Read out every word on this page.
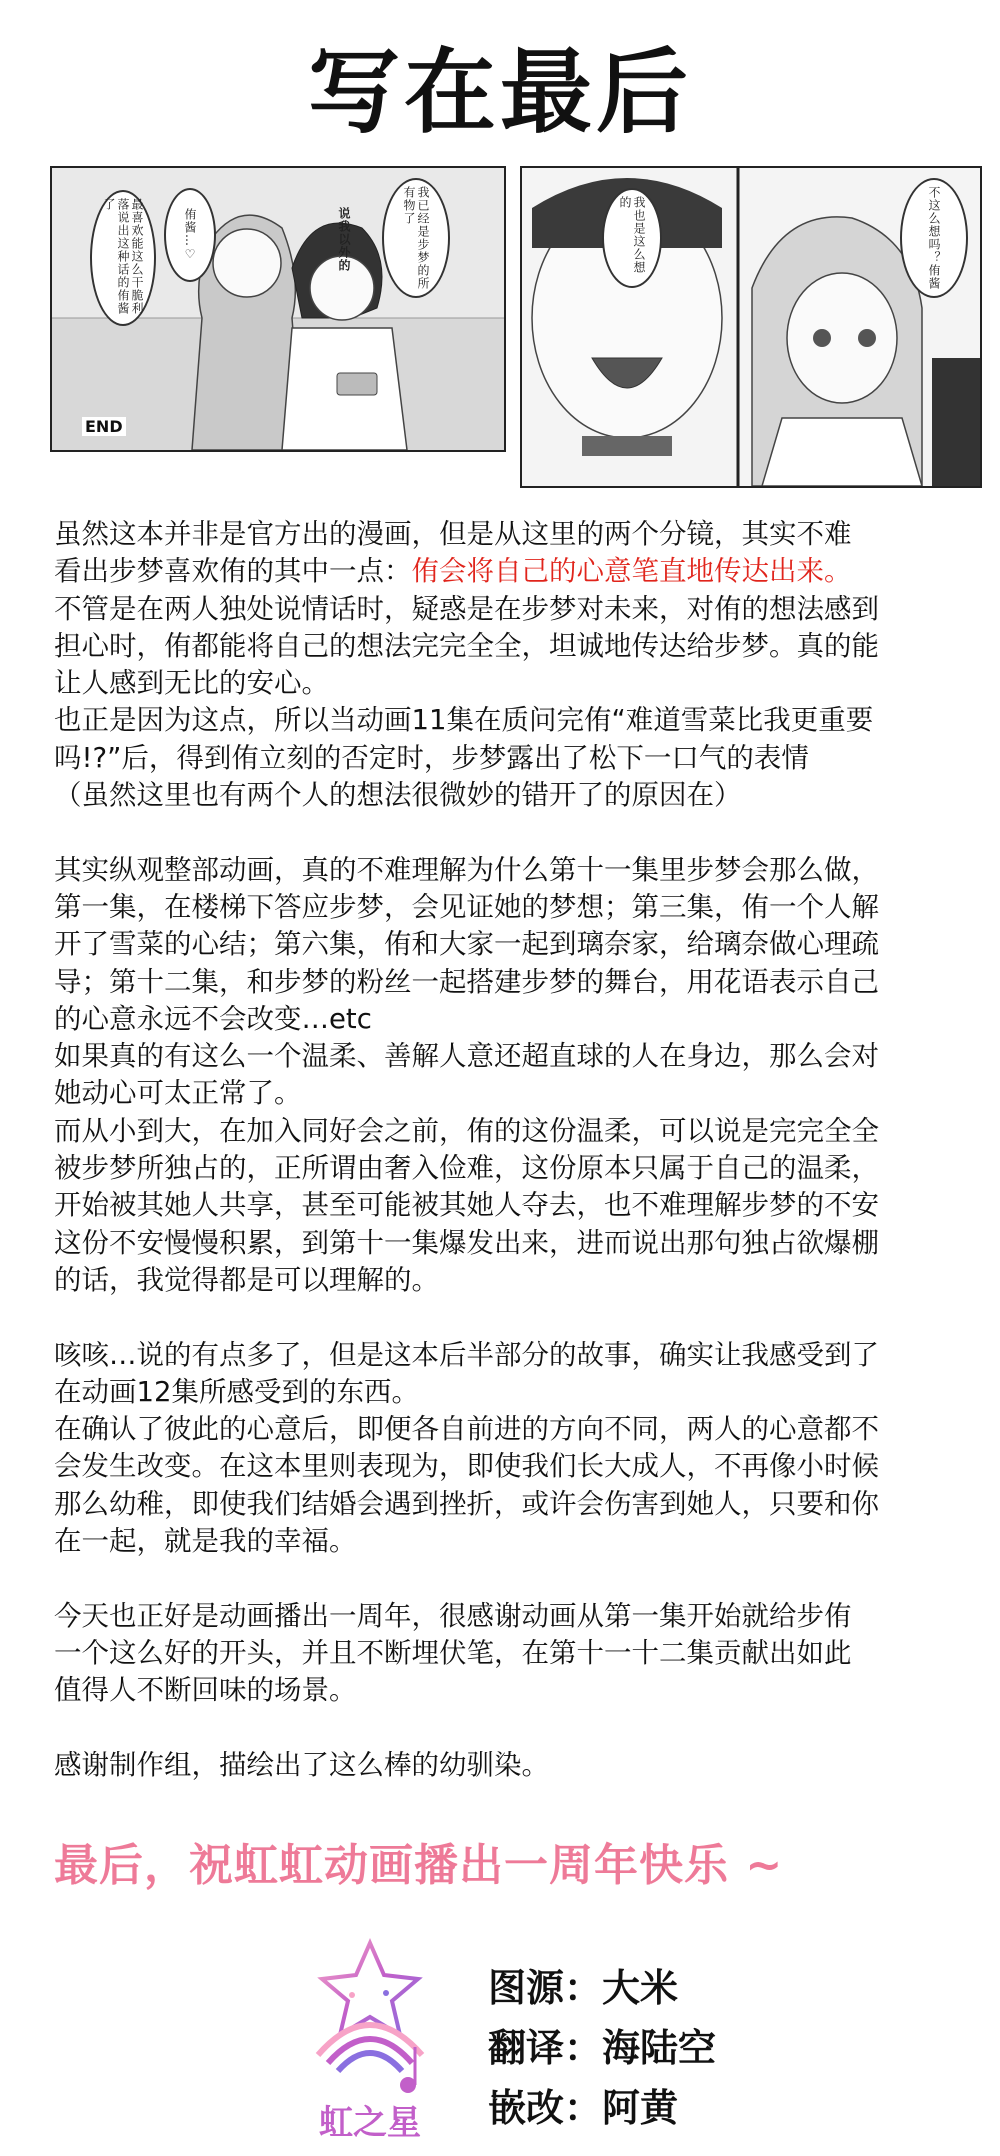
写在最后
最喜欢能这么干脆利落说出这种话的侑酱了
侑酱…♡	我已经是步梦的所有物了
说我以外的
END
我也是这么想的	不这么想吗？侑酱

虽然这本并非是官方出的漫画，但是从这里的两个分镜，其实不难

看出步梦喜欢侑的其中一点：侑会将自己的心意笔直地传达出来。

不管是在两人独处说情话时，疑惑是在步梦对未来，对侑的想法感到

担心时，侑都能将自己的想法完完全全，坦诚地传达给步梦。真的能

让人感到无比的安心。

也正是因为这点，所以当动画11集在质问完侑“难道雪菜比我更重要

吗!?”后，得到侑立刻的否定时，步梦露出了松下一口气的表情

（虽然这里也有两个人的想法很微妙的错开了的原因在）

其实纵观整部动画，真的不难理解为什么第十一集里步梦会那么做，

第一集，在楼梯下答应步梦，会见证她的梦想；第三集，侑一个人解

开了雪菜的心结；第六集，侑和大家一起到璃奈家，给璃奈做心理疏

导；第十二集，和步梦的粉丝一起搭建步梦的舞台，用花语表示自己

的心意永远不会改变…etc

如果真的有这么一个温柔、善解人意还超直球的人在身边，那么会对

她动心可太正常了。

而从小到大，在加入同好会之前，侑的这份温柔，可以说是完完全全

被步梦所独占的，正所谓由奢入俭难，这份原本只属于自己的温柔，

开始被其她人共享，甚至可能被其她人夺去，也不难理解步梦的不安

这份不安慢慢积累，到第十一集爆发出来，进而说出那句独占欲爆棚

的话，我觉得都是可以理解的。

咳咳…说的有点多了，但是这本后半部分的故事，确实让我感受到了

在动画12集所感受到的东西。

在确认了彼此的心意后，即便各自前进的方向不同，两人的心意都不

会发生改变。在这本里则表现为，即使我们长大成人，不再像小时候

那么幼稚，即使我们结婚会遇到挫折，或许会伤害到她人，只要和你

在一起，就是我的幸福。

今天也正好是动画播出一周年，很感谢动画从第一集开始就给步侑

一个这么好的开头，并且不断埋伏笔，在第十一十二集贡献出如此

值得人不断回味的场景。

感谢制作组，描绘出了这么棒的幼驯染。

最后，祝虹虹动画播出一周年快乐 ~
虹之星
图源：大米
翻译：海陆空
嵌改：阿黄
